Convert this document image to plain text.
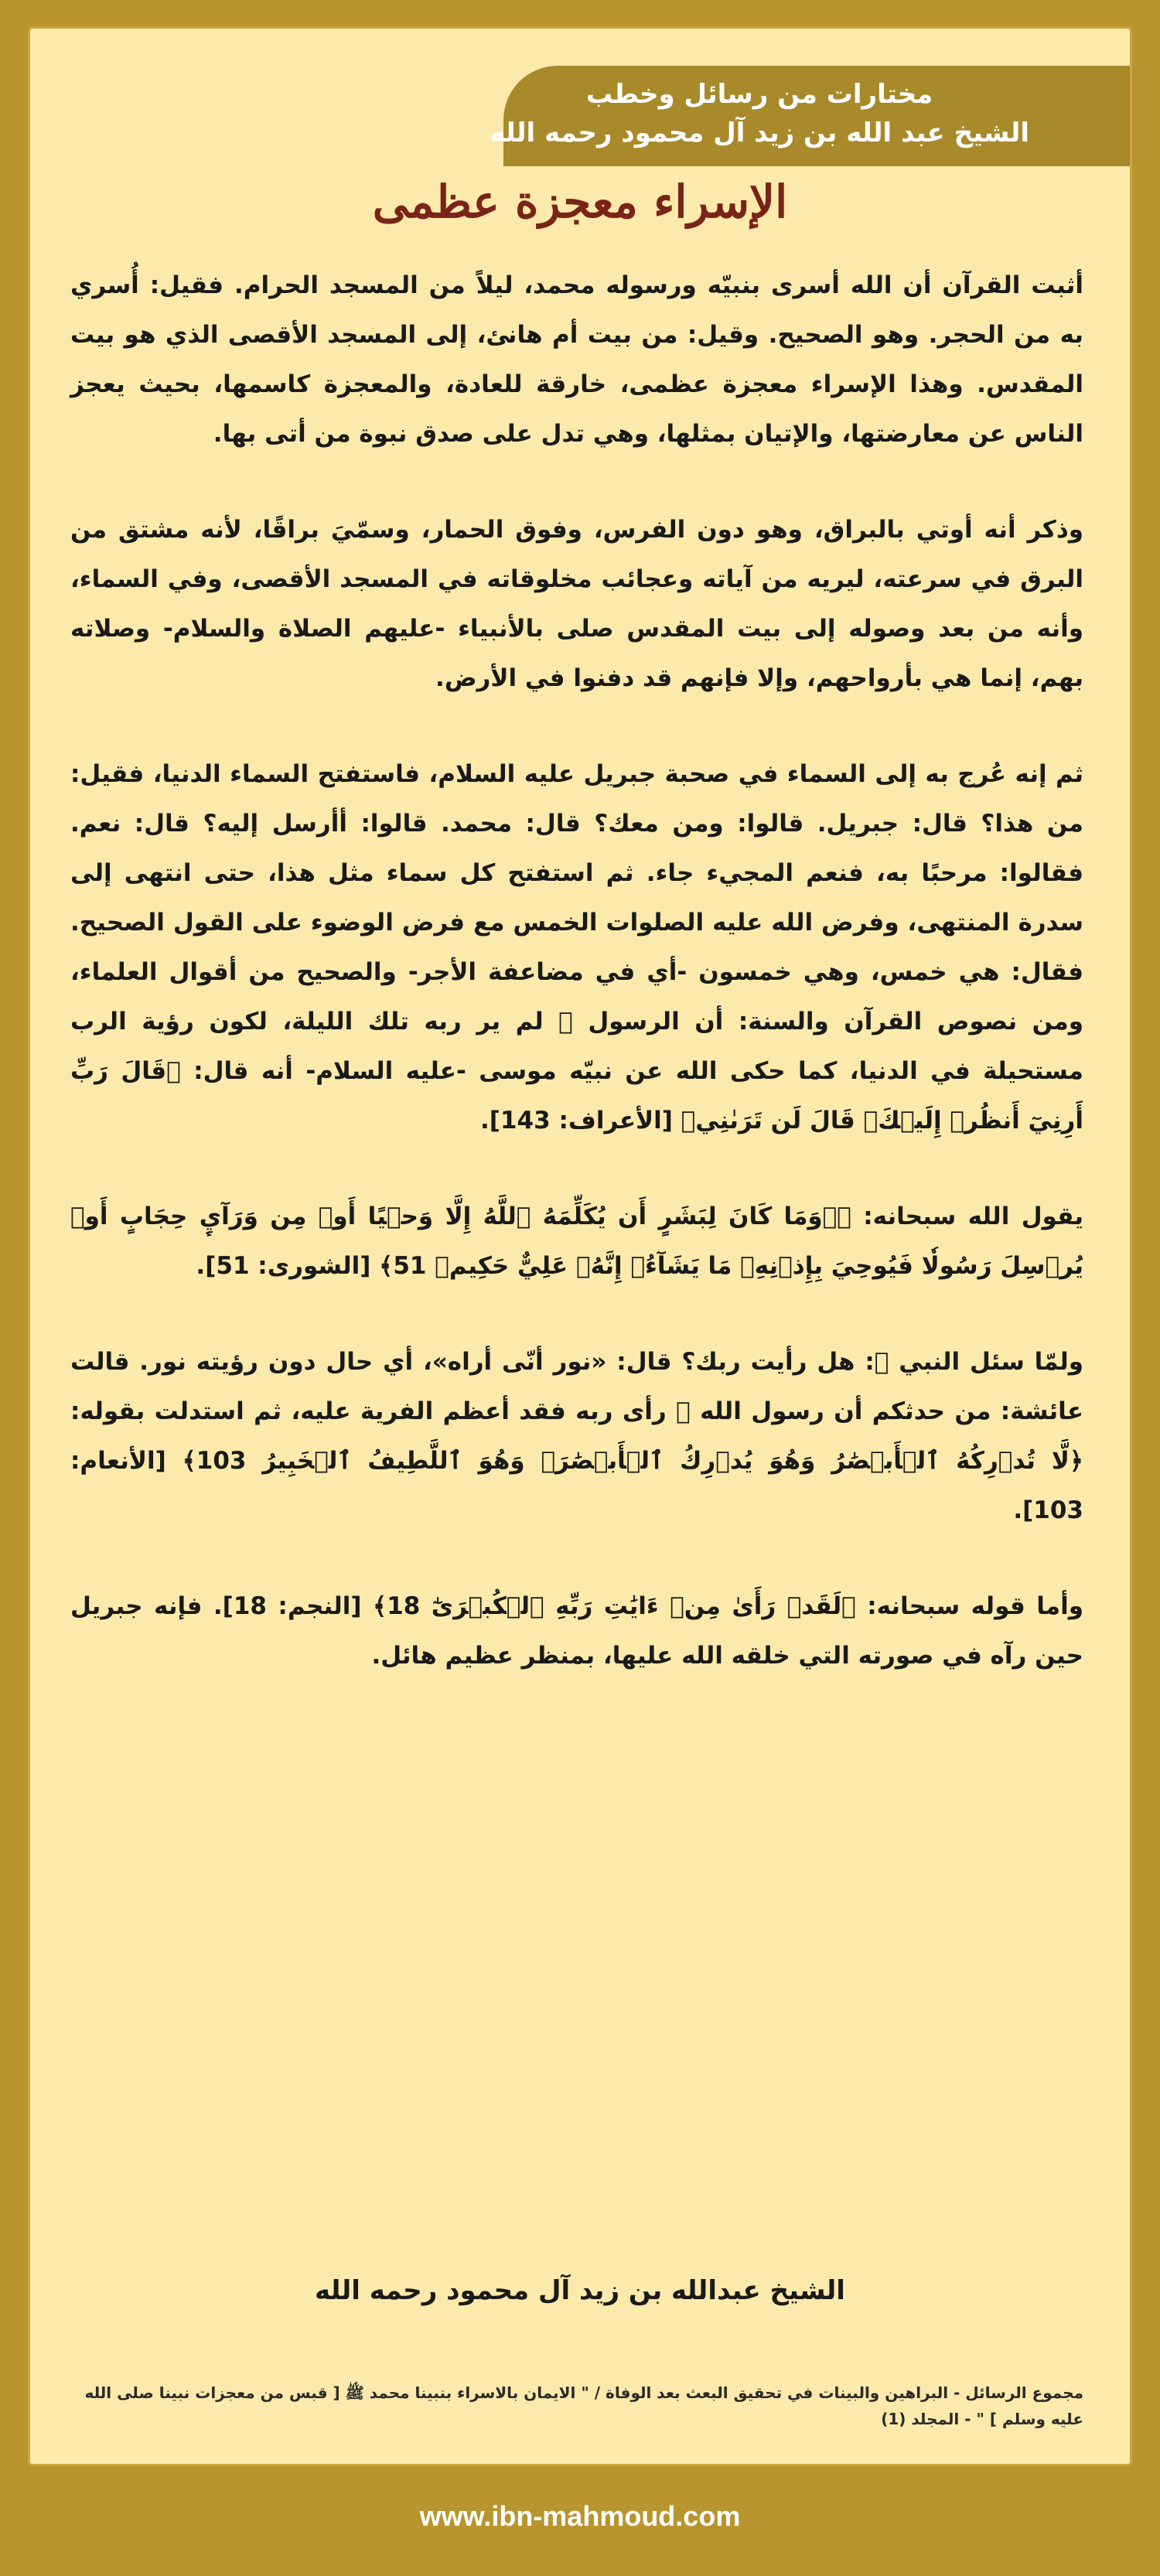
مختارات من رسائل وخطب
الشيخ عبد الله بن زيد آل محمود رحمه الله
الإسراء معجزة عظمى

أثبت القرآن أن الله أسرى بنبيّه ورسوله محمد، ليلاً من المسجد الحرام. فقيل: أُسري به من الحجر. وهو الصحيح. وقيل: من بيت أم هانئ، إلى المسجد الأقصى الذي هو بيت المقدس. وهذا الإسراء معجزة عظمى، خارقة للعادة، والمعجزة كاسمها، بحيث يعجز الناس عن معارضتها، والإتيان بمثلها، وهي تدل على صدق نبوة من أتى بها.

وذكر أنه أوتي بالبراق، وهو دون الفرس، وفوق الحمار، وسمّيَ براقًا، لأنه مشتق من البرق في سرعته، ليريه من آياته وعجائب مخلوقاته في المسجد الأقصى، وفي السماء، وأنه من بعد وصوله إلى بيت المقدس صلى بالأنبياء -عليهم الصلاة والسلام- وصلاته بهم، إنما هي بأرواحهم، وإلا فإنهم قد دفنوا في الأرض.

ثم إنه عُرج به إلى السماء في صحبة جبريل عليه السلام، فاستفتح السماء الدنيا، فقيل: من هذا؟ قال: جبريل. قالوا: ومن معك؟ قال: محمد. قالوا: أأرسل إليه؟ قال: نعم. فقالوا: مرحبًا به، فنعم المجيء جاء. ثم استفتح كل سماء مثل هذا، حتى انتهى إلى سدرة المنتهى، وفرض الله عليه الصلوات الخمس مع فرض الوضوء على القول الصحيح. فقال: هي خمس، وهي خمسون -أي في مضاعفة الأجر- والصحيح من أقوال العلماء، ومن نصوص القرآن والسنة: أن الرسول ﷺ لم ير ربه تلك الليلة، لكون رؤية الرب مستحيلة في الدنيا، كما حكى الله عن نبيّه موسى -عليه السلام- أنه قال: ﴿قَالَ رَبِّ أَرِنِيٓ أَنظُرۡ إِلَيۡكَۚ قَالَ لَن تَرَىٰنِي﴾ [الأعراف: 143].

يقول الله سبحانه: ﴿۞وَمَا كَانَ لِبَشَرٍ أَن يُكَلِّمَهُ ٱللَّهُ إِلَّا وَحۡيًا أَوۡ مِن وَرَآيِٕ حِجَابٍ أَوۡ يُرۡسِلَ رَسُولٗا فَيُوحِيَ بِإِذۡنِهِۦ مَا يَشَآءُۚ إِنَّهُۥ عَلِيٌّ حَكِيمٞ 51﴾ [الشورى: 51].

ولمّا سئل النبي ﷺ: هل رأيت ربك؟ قال: «نور أنّى أراه»، أي حال دون رؤيته نور. قالت عائشة: من حدثكم أن رسول الله ﷺ رأى ربه فقد أعظم الفرية عليه، ثم استدلت بقوله: ﴿لَّا تُدۡرِكُهُ ٱلۡأَبۡصَٰرُ وَهُوَ يُدۡرِكُ ٱلۡأَبۡصَٰرَۖ وَهُوَ ٱللَّطِيفُ ٱلۡخَبِيرُ 103﴾ [الأنعام: 103].

وأما قوله سبحانه: ﴿لَقَدۡ رَأَىٰ مِنۡ ءَايَٰتِ رَبِّهِ ٱلۡكُبۡرَىٰٓ 18﴾ [النجم: 18]. فإنه جبريل حين رآه في صورته التي خلقه الله عليها، بمنظر عظيم هائل.

الشيخ عبدالله بن زيد آل محمود رحمه الله
مجموع الرسائل - البراهين والبينات في تحقيق البعث بعد الوفاة / " الايمان بالاسراء بنبينا محمد ﷺ [ قبس من معجزات نبينا صلى الله عليه وسلم ] " - المجلد (1)
www.ibn-mahmoud.com
